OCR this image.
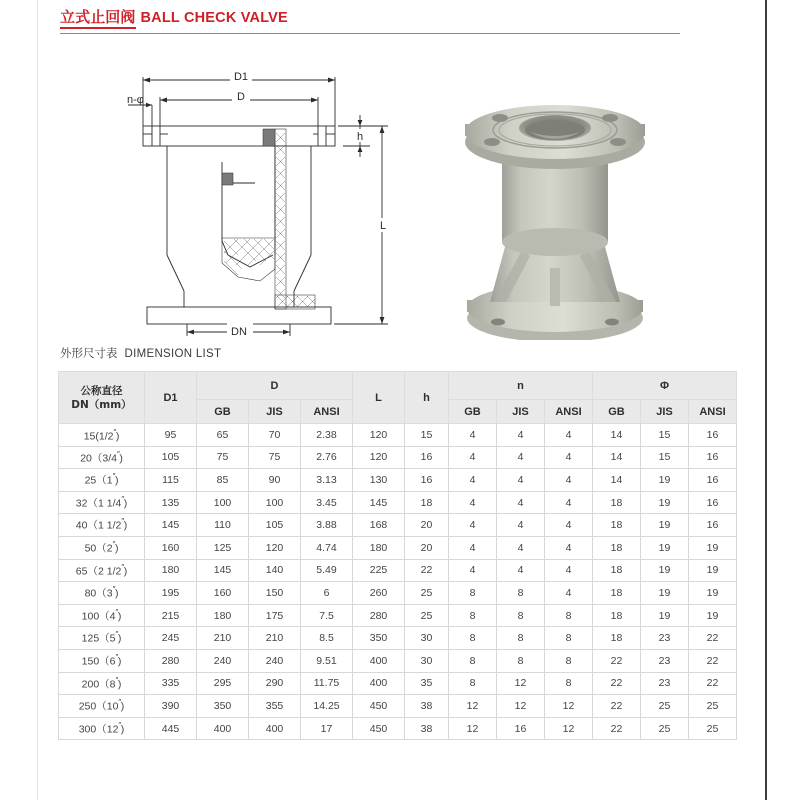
立式止回阀 BALL CHECK VALVE
D1
D
n-φ
h
L
DN
外形尺寸表 DIMENSION LIST
公称直径
DN（mm）	D1	D			L	h	n			Φ		
		GB	JIS	ANSI			GB	JIS	ANSI	GB	JIS	ANSI
15(1/2″)	95	65	70	2.38	120	15	4	4	4	14	15	16
20（3/4″)	105	75	75	2.76	120	16	4	4	4	14	15	16
25（1″)	115	85	90	3.13	130	16	4	4	4	14	19	16
32（1 1/4″)	135	100	100	3.45	145	18	4	4	4	18	19	16
40（1 1/2″)	145	110	105	3.88	168	20	4	4	4	18	19	16
50（2″)	160	125	120	4.74	180	20	4	4	4	18	19	19
65（2 1/2″)	180	145	140	5.49	225	22	4	4	4	18	19	19
80（3″)	195	160	150	6	260	25	8	8	4	18	19	19
100（4″)	215	180	175	7.5	280	25	8	8	8	18	19	19
125（5″)	245	210	210	8.5	350	30	8	8	8	18	23	22
150（6″)	280	240	240	9.51	400	30	8	8	8	22	23	22
200（8″)	335	295	290	11.75	400	35	8	12	8	22	23	22
250（10″)	390	350	355	14.25	450	38	12	12	12	22	25	25
300（12″)	445	400	400	17	450	38	12	16	12	22	25	25
